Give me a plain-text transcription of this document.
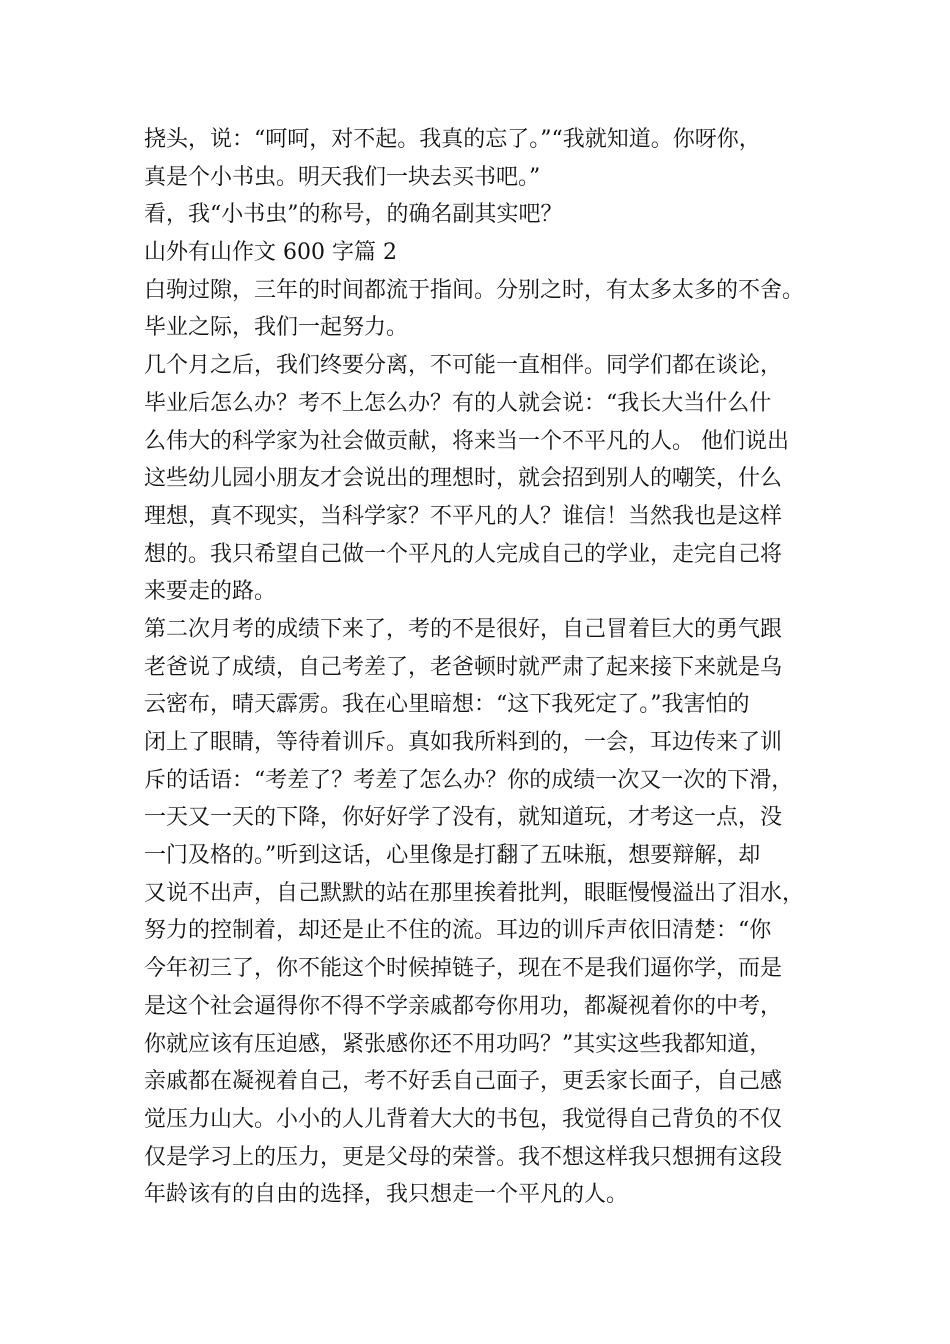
挠头，说：“呵呵，对不起。我真的忘了。”“我就知道。你呀你，
真是个小书虫。明天我们一块去买书吧。”
看，我“小书虫”的称号，的确名副其实吧？
山外有山作文 600 字篇 2
白驹过隙，三年的时间都流于指间。分别之时，有太多太多的不舍。
毕业之际，我们一起努力。
几个月之后，我们终要分离，不可能一直相伴。同学们都在谈论，
毕业后怎么办？考不上怎么办？有的人就会说：“我长大当什么什
么伟大的科学家为社会做贡献，将来当一个不平凡的人。 他们说出
这些幼儿园小朋友才会说出的理想时，就会招到别人的嘲笑，什么
理想，真不现实，当科学家？不平凡的人？谁信！当然我也是这样
想的。我只希望自己做一个平凡的人完成自己的学业，走完自己将
来要走的路。
第二次月考的成绩下来了，考的不是很好，自己冒着巨大的勇气跟
老爸说了成绩，自己考差了，老爸顿时就严肃了起来接下来就是乌
云密布，晴天霹雳。我在心里暗想：“这下我死定了。”我害怕的
闭上了眼睛，等待着训斥。真如我所料到的，一会，耳边传来了训
斥的话语：“考差了？考差了怎么办？你的成绩一次又一次的下滑，
一天又一天的下降，你好好学了没有，就知道玩，才考这一点，没
一门及格的。”听到这话，心里像是打翻了五味瓶，想要辩解，却
又说不出声，自己默默的站在那里挨着批判，眼眶慢慢溢出了泪水，
努力的控制着，却还是止不住的流。耳边的训斥声依旧清楚：“你
今年初三了，你不能这个时候掉链子，现在不是我们逼你学，而是
是这个社会逼得你不得不学亲戚都夸你用功，都凝视着你的中考，
你就应该有压迫感，紧张感你还不用功吗？”其实这些我都知道，
亲戚都在凝视着自己，考不好丢自己面子，更丢家长面子，自己感
觉压力山大。小小的人儿背着大大的书包，我觉得自己背负的不仅
仅是学习上的压力，更是父母的荣誉。我不想这样我只想拥有这段
年龄该有的自由的选择，我只想走一个平凡的人。
